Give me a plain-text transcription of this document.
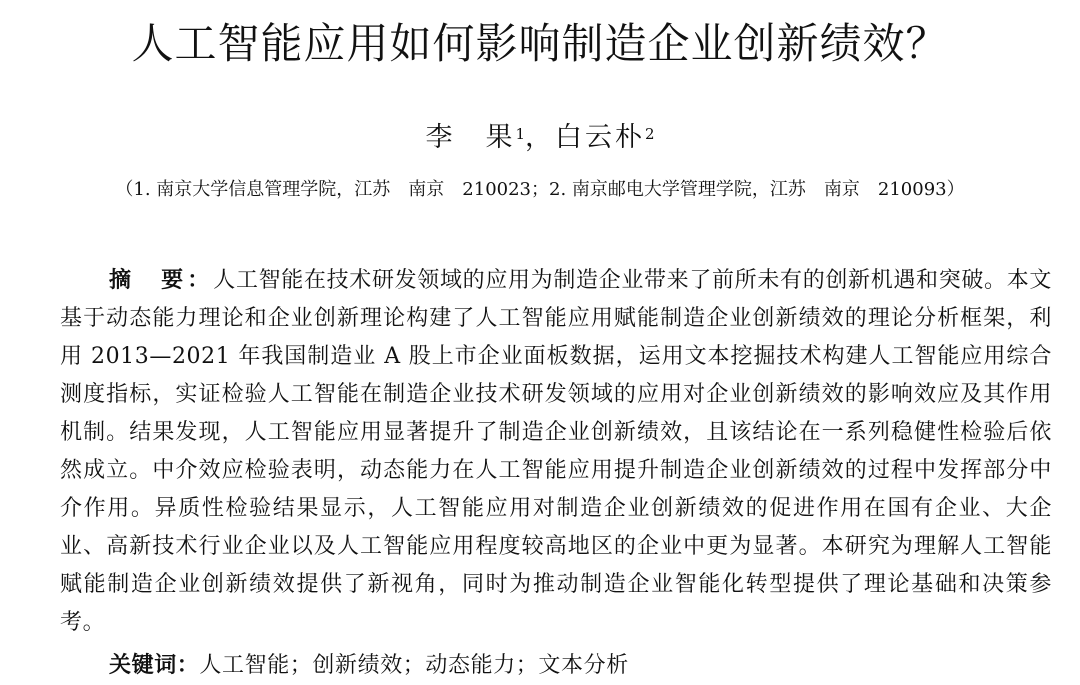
人工智能应用如何影响制造企业创新绩效？
李　果$^1$，白云朴$^2$
（1. 南京大学信息管理学院，江苏　南京　210023；2. 南京邮电大学管理学院，江苏　南京　210093）
摘　要：人工智能在技术研发领域的应用为制造企业带来了前所未有的创新机遇和突破。本文基于动态能力理论和企业创新理论构建了人工智能应用赋能制造企业创新绩效的理论分析框架，利用 2013—2021 年我国制造业 A 股上市企业面板数据，运用文本挖掘技术构建人工智能应用综合测度指标，实证检验人工智能在制造企业技术研发领域的应用对企业创新绩效的影响效应及其作用机制。结果发现，人工智能应用显著提升了制造企业创新绩效，且该结论在一系列稳健性检验后依然成立。中介效应检验表明，动态能力在人工智能应用提升制造企业创新绩效的过程中发挥部分中介作用。异质性检验结果显示，人工智能应用对制造企业创新绩效的促进作用在国有企业、大企业、高新技术行业企业以及人工智能应用程度较高地区的企业中更为显著。本研究为理解人工智能赋能制造企业创新绩效提供了新视角，同时为推动制造企业智能化转型提供了理论基础和决策参考。
关键词：人工智能；创新绩效；动态能力；文本分析
